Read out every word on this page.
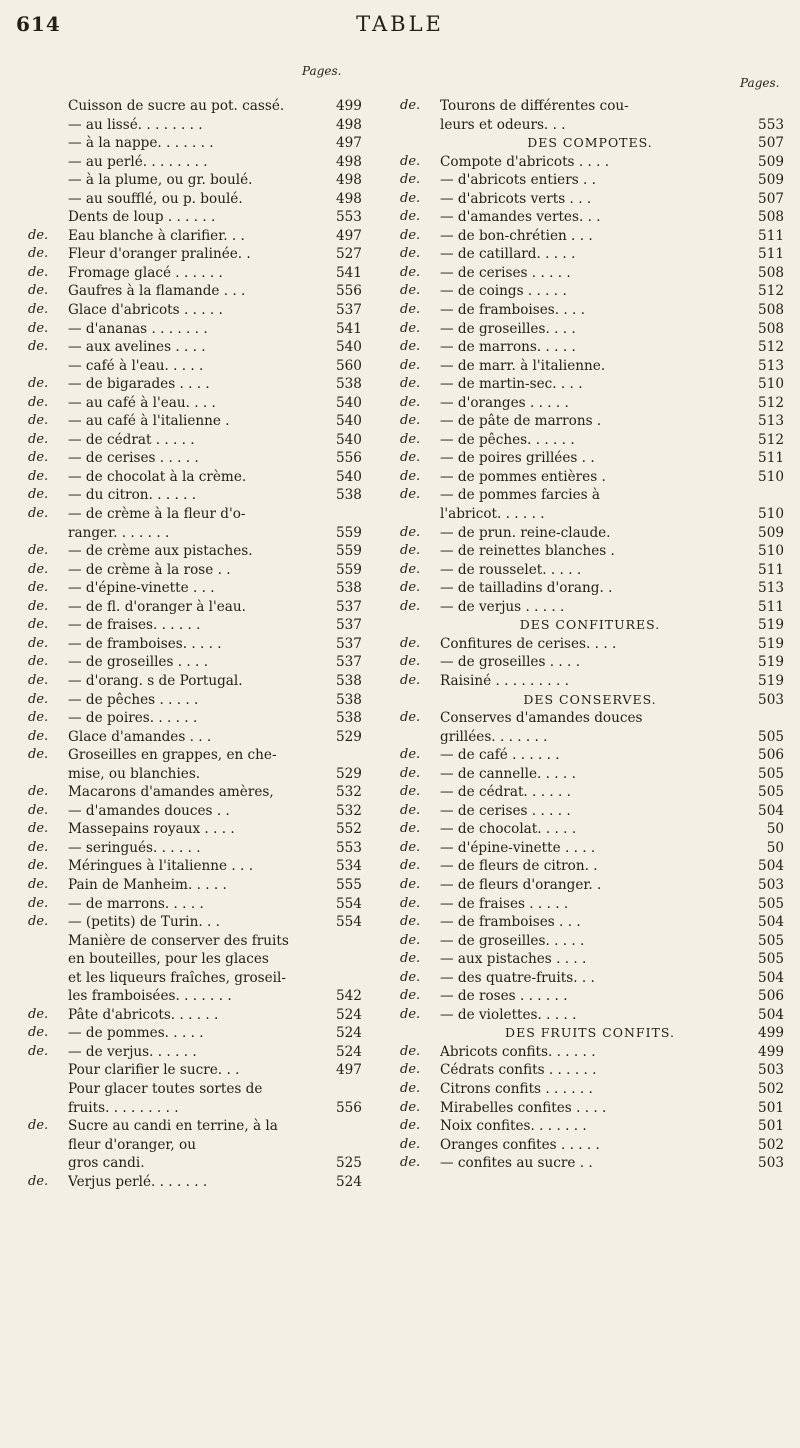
614	TABLE
Pages.
Pages.
Cuisson de sucre au pot. cassé.	499
— au lissé. . . . . . . .	498
— à la nappe. . . . . . .	497
— au perlé. . . . . . . .	498
— à la plume, ou gr. boulé.	498
— au soufflé, ou p. boulé.	498
Dents de loup . . . . . .	553
de.	Eau blanche à clarifier. . .	497
de.	Fleur d'oranger pralinée. .	527
de.	Fromage glacé . . . . . .	541
de.	Gaufres à la flamande . . .	556
de.	Glace d'abricots . . . . .	537
de.	— d'ananas . . . . . . .	541
de.	— aux avelines . . . .	540
— café à l'eau. . . . .	560
de.	— de bigarades . . . .	538
de.	— au café à l'eau. . . .	540
de.	— au café à l'italienne .	540
de.	— de cédrat . . . . .	540
de.	— de cerises . . . . .	556
de.	— de chocolat à la crème.	540
de.	— du citron. . . . . .	538
de.	— de crème à la fleur d'o-
ranger. . . . . . .	559
de.	— de crème aux pistaches.	559
de.	— de crème à la rose . .	559
de.	— d'épine-vinette . . .	538
de.	— de fl. d'oranger à l'eau.	537
de.	— de fraises. . . . . .	537
de.	— de framboises. . . . .	537
de.	— de groseilles . . . .	537
de.	— d'orang. s de Portugal.	538
de.	— de pêches . . . . .	538
de.	— de poires. . . . . .	538
de.	Glace d'amandes . . .	529
de.	Groseilles en grappes, en che-
mise, ou blanchies.	529
de.	Macarons d'amandes amères,	532
de.	— d'amandes douces . .	532
de.	Massepains royaux . . . .	552
de.	— seringués. . . . . .	553
de.	Méringues à l'italienne . . .	534
de.	Pain de Manheim. . . . .	555
de.	— de marrons. . . . .	554
de.	— (petits) de Turin. . .	554
Manière de conserver des fruits
en bouteilles, pour les glaces
et les liqueurs fraîches, groseil-
les framboisées. . . . . . .	542
de.	Pâte d'abricots. . . . . .	524
de.	— de pommes. . . . .	524
de.	— de verjus. . . . . .	524
Pour clarifier le sucre. . .	497
Pour glacer toutes sortes de
fruits. . . . . . . . .	556
de.	Sucre au candi en terrine, à la
fleur d'oranger, ou
gros candi.	525
de.	Verjus perlé. . . . . . .	524
de.	Tourons de différentes cou-
leurs et odeurs. . .	553
DES COMPOTES.	507
de.	Compote d'abricots . . . .	509
de.	— d'abricots entiers . .	509
de.	— d'abricots verts . . .	507
de.	— d'amandes vertes. . .	508
de.	— de bon-chrétien . . .	511
de.	— de catillard. . . . .	511
de.	— de cerises . . . . .	508
de.	— de coings . . . . .	512
de.	— de framboises. . . .	508
de.	— de groseilles. . . .	508
de.	— de marrons. . . . .	512
de.	— de marr. à l'italienne.	513
de.	— de martin-sec. . . .	510
de.	— d'oranges . . . . .	512
de.	— de pâte de marrons .	513
de.	— de pêches. . . . . .	512
de.	— de poires grillées . .	511
de.	— de pommes entières .	510
de.	— de pommes farcies à
l'abricot. . . . . .	510
de.	— de prun. reine-claude.	509
de.	— de reinettes blanches .	510
de.	— de rousselet. . . . .	511
de.	— de tailladins d'orang. .	513
de.	— de verjus . . . . .	511
DES CONFITURES.	519
de.	Confitures de cerises. . . .	519
de.	— de groseilles . . . .	519
de.	Raisiné . . . . . . . . .	519
DES CONSERVES.	503
de.	Conserves d'amandes douces
grillées. . . . . . .	505
de.	— de café . . . . . .	506
de.	— de cannelle. . . . .	505
de.	— de cédrat. . . . . .	505
de.	— de cerises . . . . .	504
de.	— de chocolat. . . . .	50
de.	— d'épine-vinette . . . .	50
de.	— de fleurs de citron. .	504
de.	— de fleurs d'oranger. .	503
de.	— de fraises . . . . .	505
de.	— de framboises . . .	504
de.	— de groseilles. . . . .	505
de.	— aux pistaches . . . .	505
de.	— des quatre-fruits. . .	504
de.	— de roses . . . . . .	506
de.	— de violettes. . . . .	504
DES FRUITS CONFITS.	499
de.	Abricots confits. . . . . .	499
de.	Cédrats confits . . . . . .	503
de.	Citrons confits . . . . . .	502
de.	Mirabelles confites . . . .	501
de.	Noix confites. . . . . . .	501
de.	Oranges confites . . . . .	502
de.	— confites au sucre . .	503
